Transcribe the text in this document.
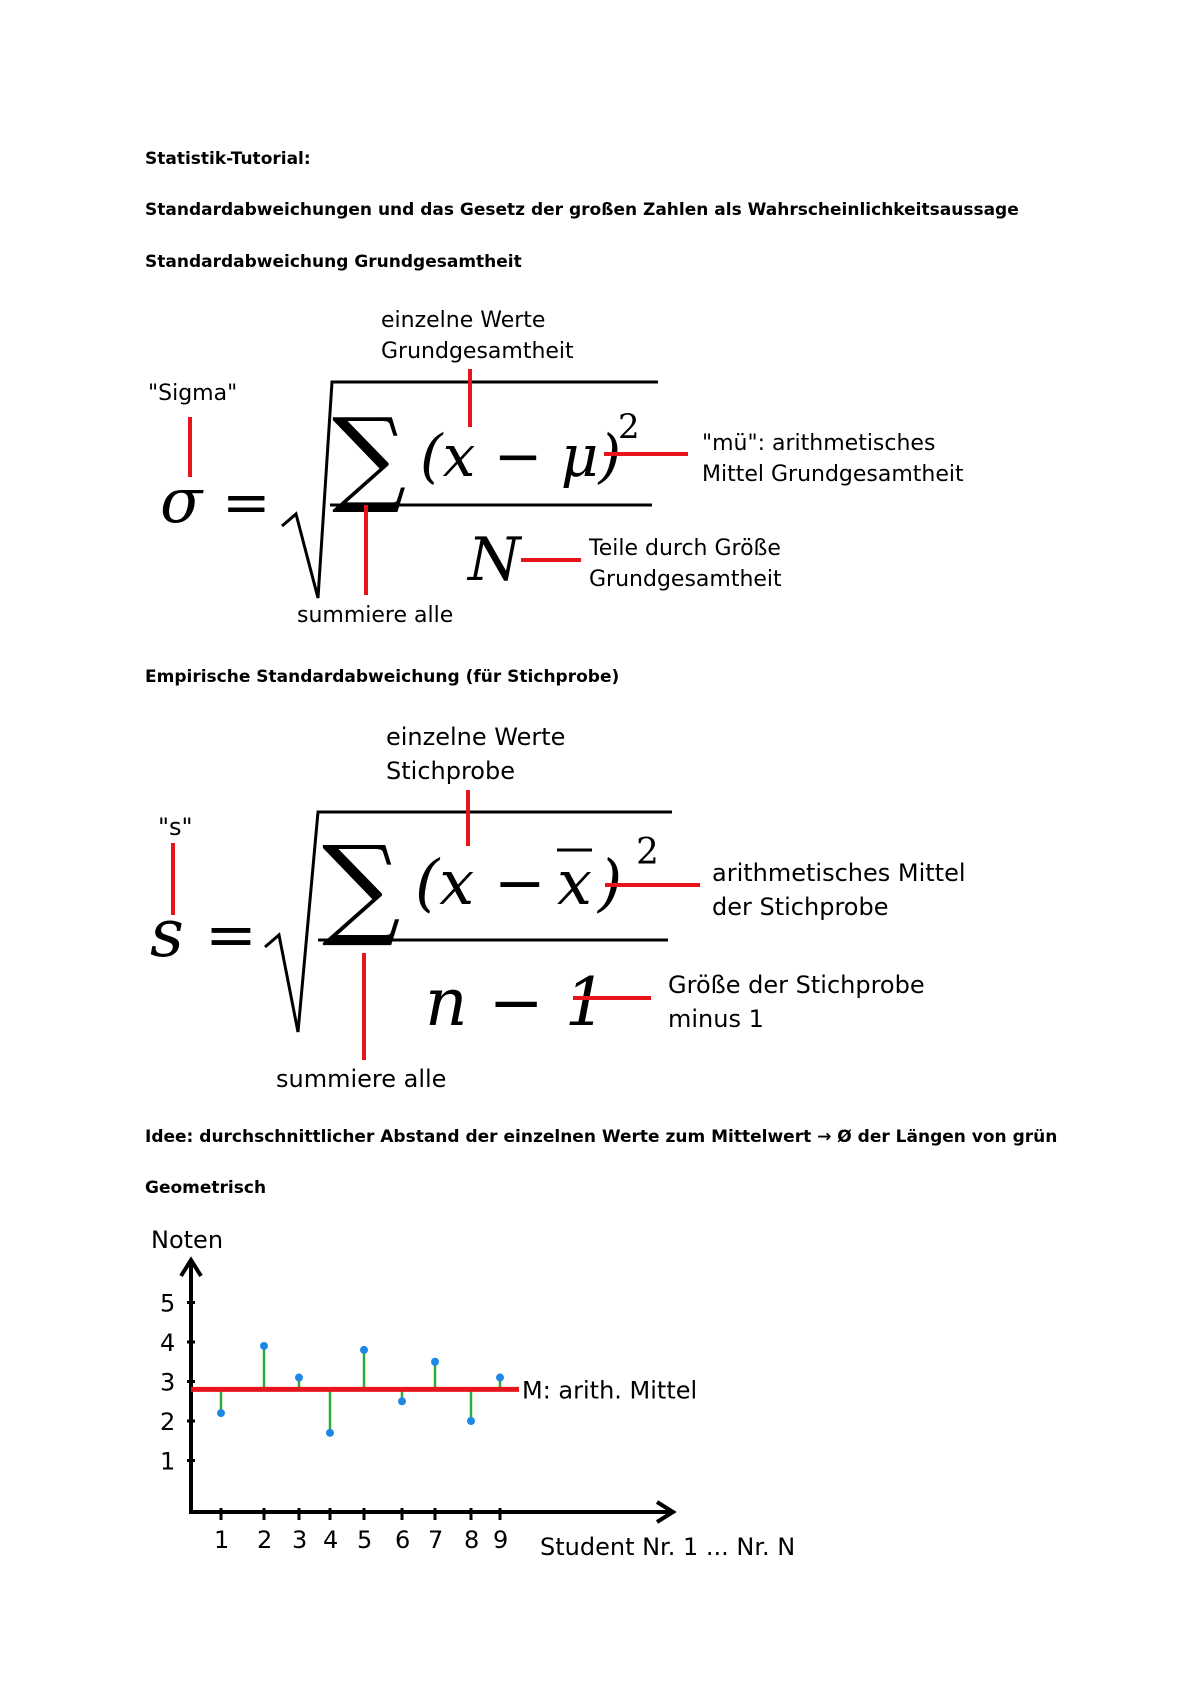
Statistik-Tutorial:
Standardabweichungen und das Gesetz der großen Zahlen als Wahrscheinlichkeitsaussage
Standardabweichung Grundgesamtheit
Empirische Standardabweichung (für Stichprobe)
Idee: durchschnittlicher Abstand der einzelnen Werte zum Mittelwert → Ø der Längen von grün
Geometrisch
σ = ∑ (x − μ)
2
N
"Sigma"
einzelne Werte
Grundgesamtheit
"mü": arithmetisches
Mittel Grundgesamtheit
Teile durch Größe
Grundgesamtheit
summiere alle
s = ∑ (x − x ) 2
n − 1
"s"
einzelne Werte
Stichprobe
arithmetisches Mittel
der Stichprobe
Größe der Stichprobe
minus 1
summiere alle
Noten
Student Nr. 1 ... Nr. N
M: arith. Mittel
1
2
3
4
5
1 2 3 4 5 6 7 8 9
